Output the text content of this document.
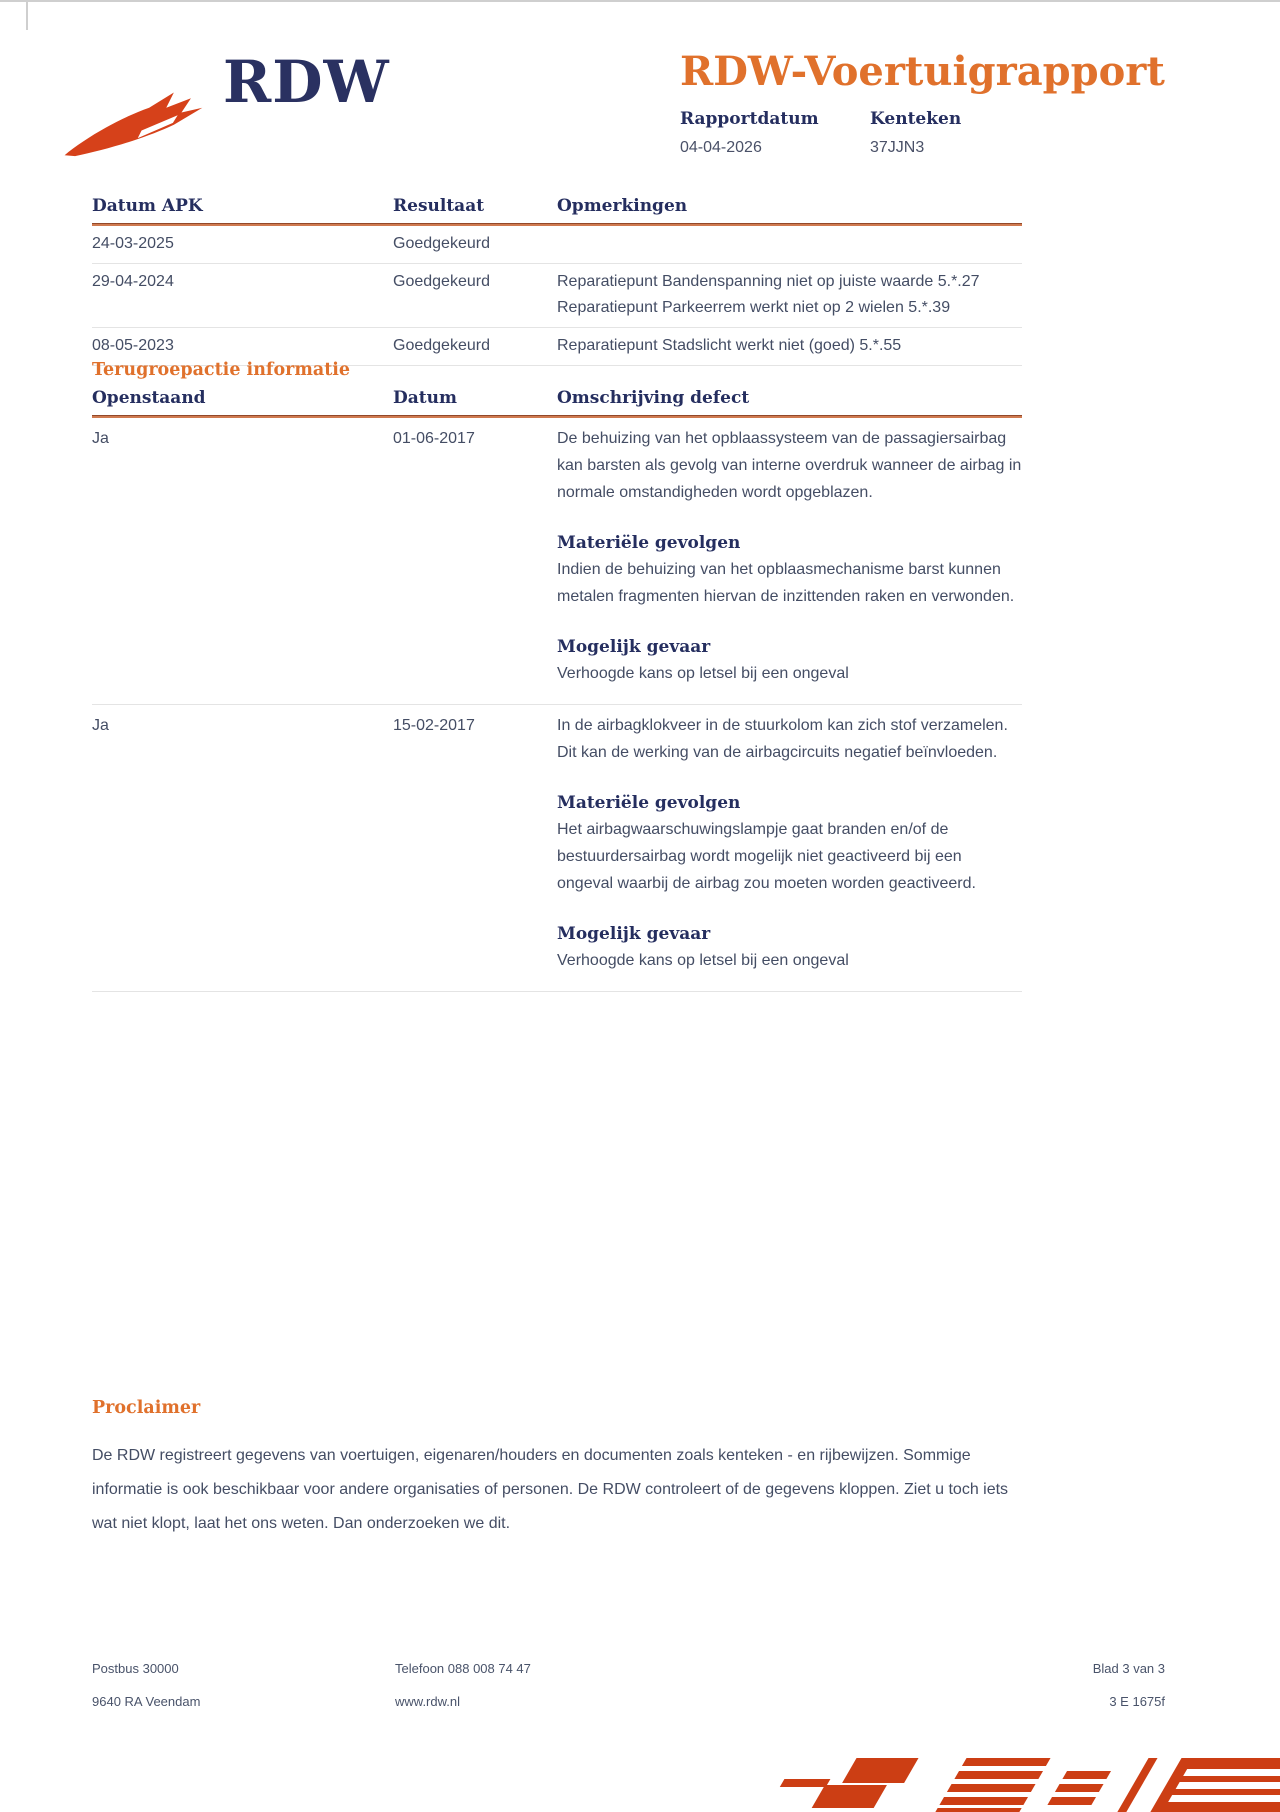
RDW	RDW-Voertuigrapport
Rapportdatum
04-04-2026
Kenteken
37JJN3
Datum APK	Resultaat	Opmerkingen
24-03-2025	Goedgekeurd
29-04-2024	Goedgekeurd	Reparatiepunt Bandenspanning niet op juiste waarde 5.*.27
Reparatiepunt Parkeerrem werkt niet op 2 wielen 5.*.39
08-05-2023	Goedgekeurd	Reparatiepunt Stadslicht werkt niet (goed) 5.*.55
Terugroepactie informatie
Openstaand	Datum	Omschrijving defect
Ja	01-06-2017	De behuizing van het opblaassysteem van de passagiersairbag kan barsten als gevolg van interne overdruk wanneer de airbag in normale omstandigheden wordt opgeblazen.

Materiële gevolgen

Indien de behuizing van het opblaasmechanisme barst kunnen metalen fragmenten hiervan de inzittenden raken en verwonden.

Mogelijk gevaar

Verhoogde kans op letsel bij een ongeval

Ja	15-02-2017	In de airbagklokveer in de stuurkolom kan zich stof verzamelen. Dit kan de werking van de airbagcircuits negatief beïnvloeden.

Materiële gevolgen

Het airbagwaarschuwingslampje gaat branden en/of de bestuurdersairbag wordt mogelijk niet geactiveerd bij een ongeval waarbij de airbag zou moeten worden geactiveerd.

Mogelijk gevaar

Verhoogde kans op letsel bij een ongeval

Proclaimer

De RDW registreert gegevens van voertuigen, eigenaren/houders en documenten zoals kenteken - en rijbewijzen. Sommige informatie is ook beschikbaar voor andere organisaties of personen. De RDW controleert of de gegevens kloppen. Ziet u toch iets wat niet klopt, laat het ons weten. Dan onderzoeken we dit.

Postbus 30000

9640 RA Veendam

Telefoon 088 008 74 47

www.rdw.nl

Blad 3 van 3

3 E 1675f
